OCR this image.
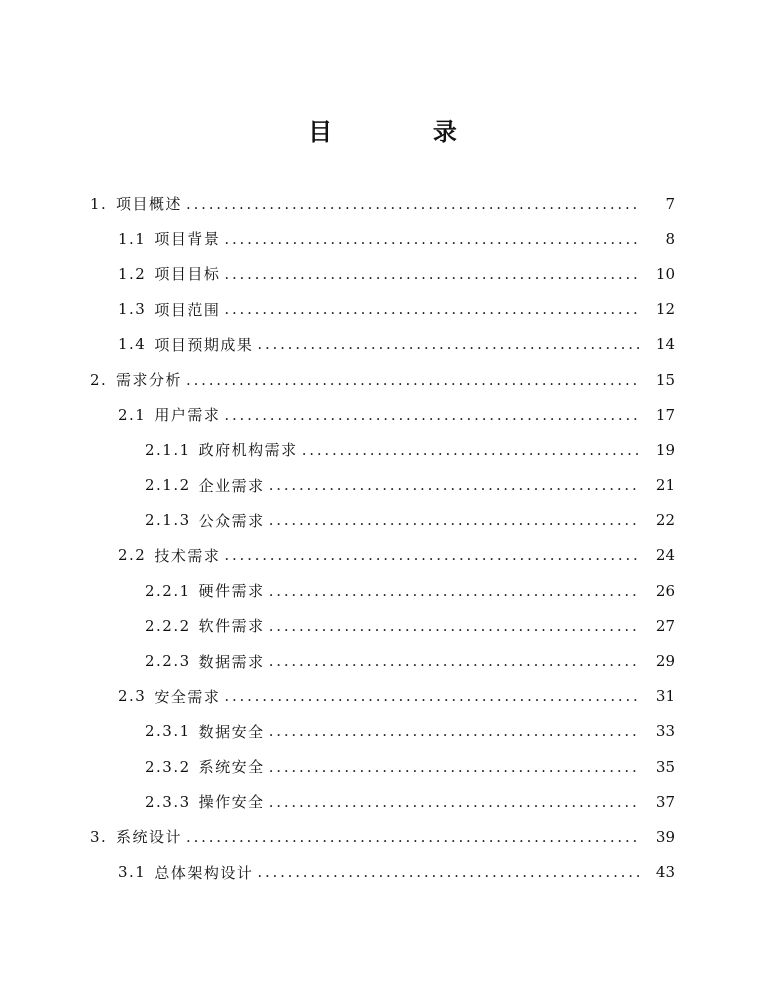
目　录
1. 项目概述 .....	7
1.1 项目背景 .....	8
1.2 项目目标 .....	10
1.3 项目范围 .....	12
1.4 项目预期成果 .....	14
2. 需求分析 .....	15
2.1 用户需求 .....	17
2.1.1 政府机构需求 .....	19
2.1.2 企业需求 .....	21
2.1.3 公众需求 .....	22
2.2 技术需求 .....	24
2.2.1 硬件需求 .....	26
2.2.2 软件需求 .....	27
2.2.3 数据需求 .....	29
2.3 安全需求 .....	31
2.3.1 数据安全 .....	33
2.3.2 系统安全 .....	35
2.3.3 操作安全 .....	37
3. 系统设计 .....	39
3.1 总体架构设计 .....	43
